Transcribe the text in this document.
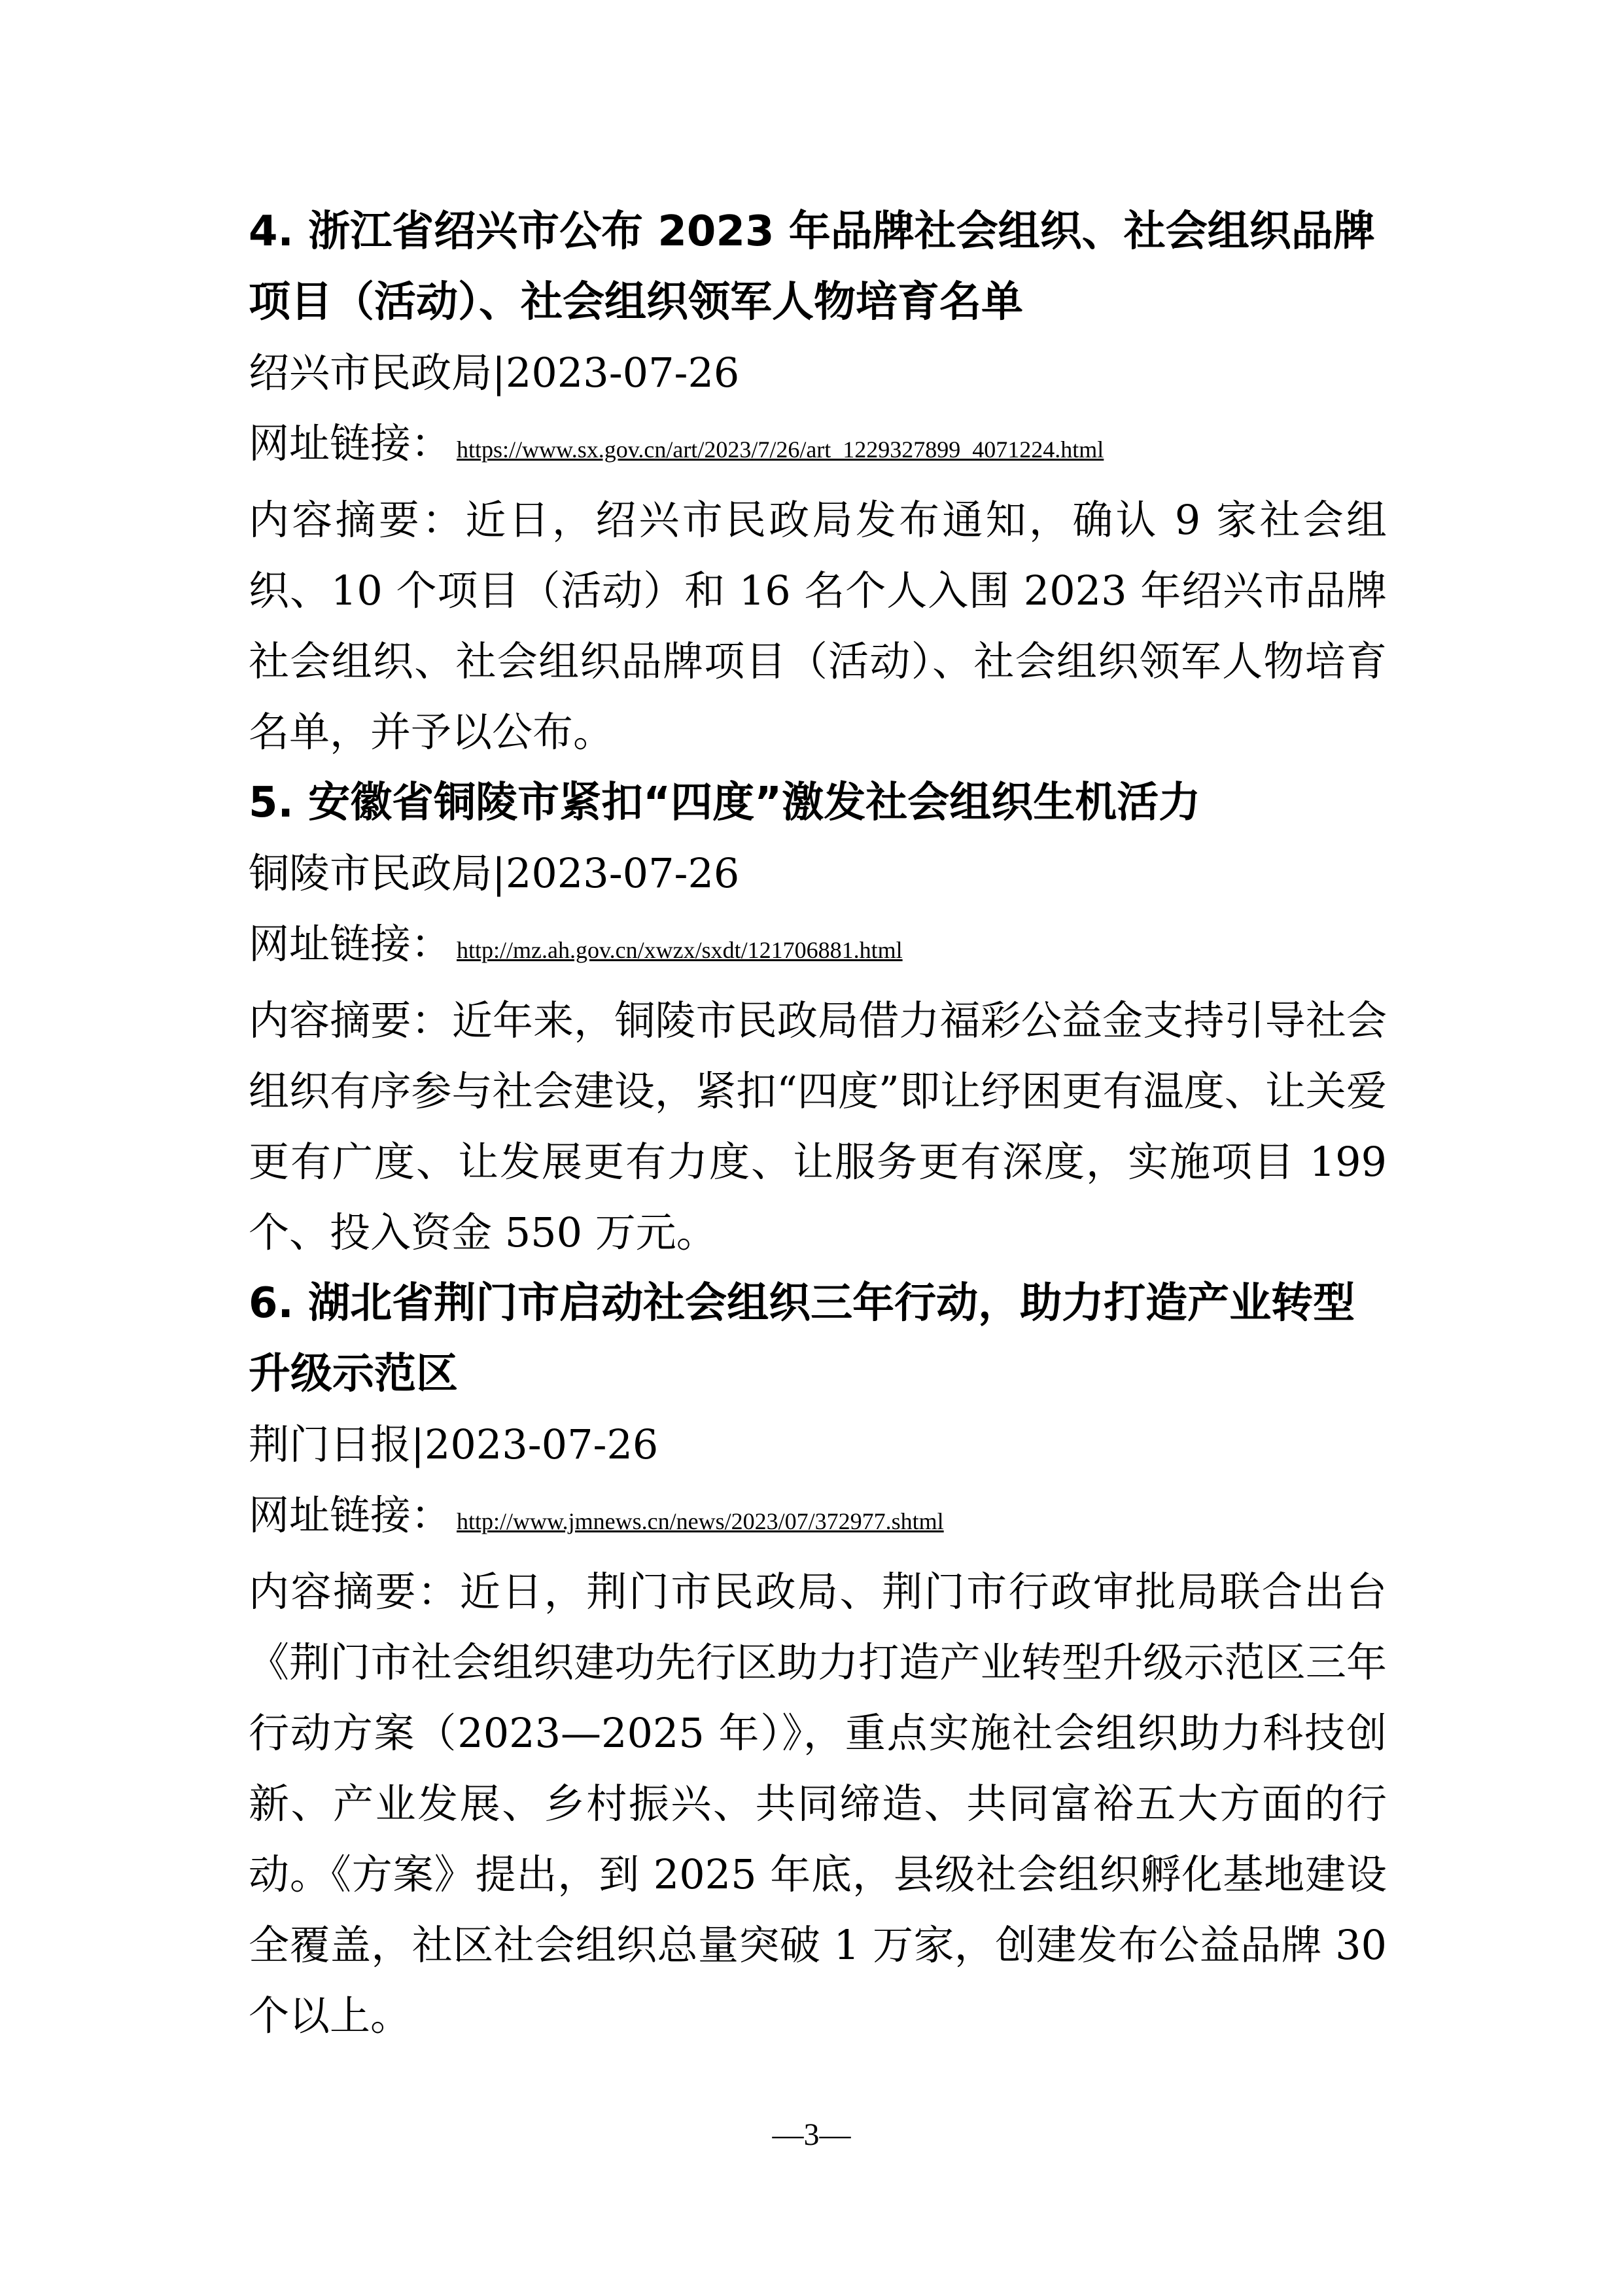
4. 浙江省绍兴市公布 2023 年品牌社会组织、社会组织品牌项目（活动）、社会组织领军人物培育名单

绍兴市民政局|2023-07-26

网址链接： https://www.sx.gov.cn/art/2023/7/26/art_1229327899_4071224.html

内容摘要：近日，绍兴市民政局发布通知，确认 9 家社会组织、10 个项目（活动）和 16 名个人入围 2023 年绍兴市品牌社会组织、社会组织品牌项目（活动）、社会组织领军人物培育名单，并予以公布。

5. 安徽省铜陵市紧扣“四度”激发社会组织生机活力

铜陵市民政局|2023-07-26

网址链接： http://mz.ah.gov.cn/xwzx/sxdt/121706881.html

内容摘要：近年来，铜陵市民政局借力福彩公益金支持引导社会组织有序参与社会建设，紧扣“四度”即让纾困更有温度、让关爱更有广度、让发展更有力度、让服务更有深度，实施项目 199 个、投入资金 550 万元。

6. 湖北省荆门市启动社会组织三年行动，助力打造产业转型升级示范区

荆门日报|2023-07-26

网址链接： http://www.jmnews.cn/news/2023/07/372977.shtml

内容摘要：近日，荆门市民政局、荆门市行政审批局联合出台《荆门市社会组织建功先行区助力打造产业转型升级示范区三年行动方案（2023—2025 年）》，重点实施社会组织助力科技创新、产业发展、乡村振兴、共同缔造、共同富裕五大方面的行动。《方案》提出，到 2025 年底，县级社会组织孵化基地建设全覆盖，社区社会组织总量突破 1 万家，创建发布公益品牌 30 个以上。

—3—
